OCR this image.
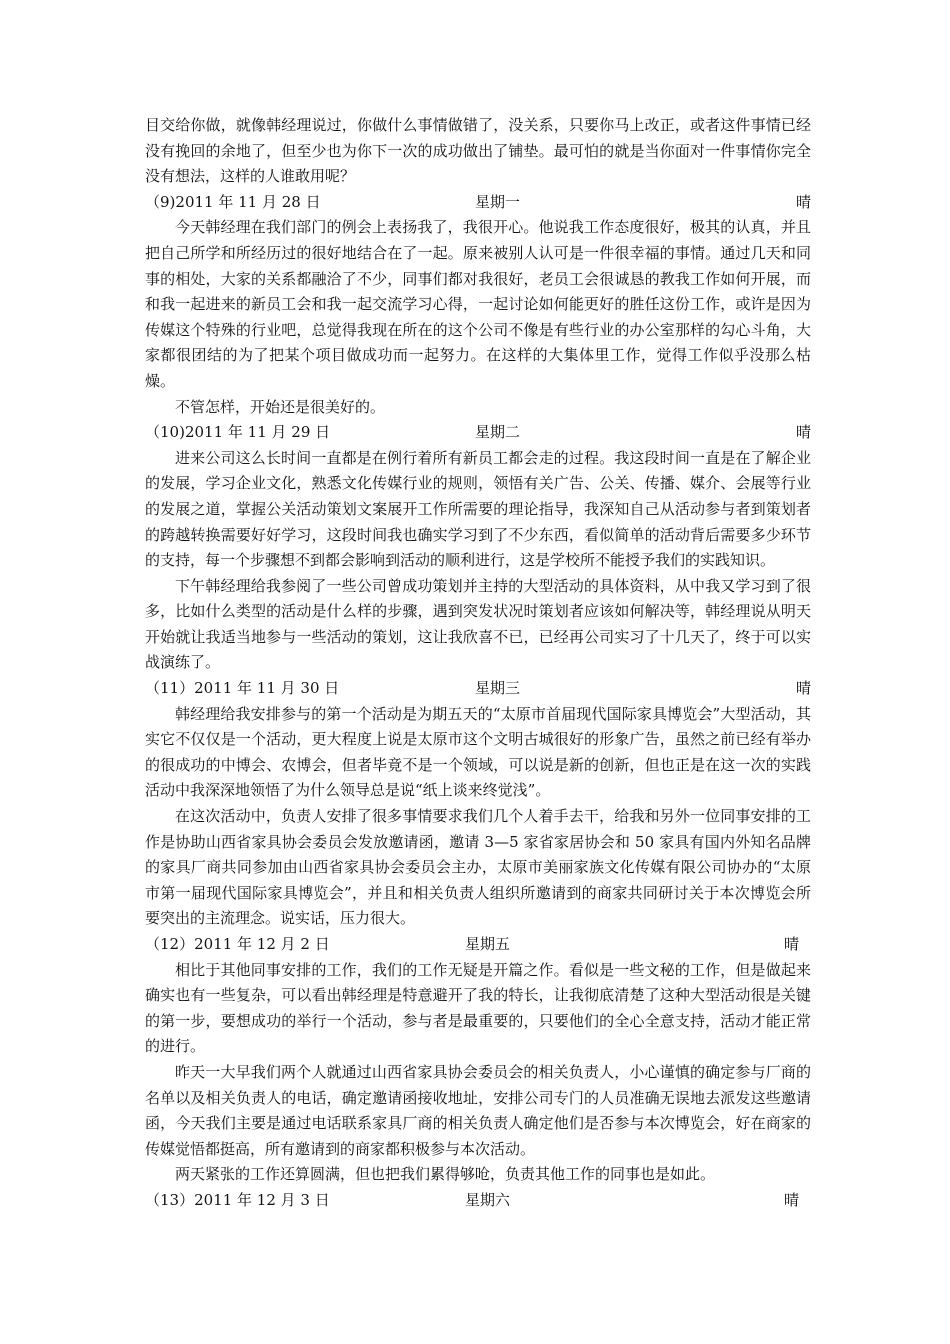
目交给你做，就像韩经理说过，你做什么事情做错了，没关系，只要你马上改正，或者这件事情已经没有挽回的余地了，但至少也为你下一次的成功做出了铺垫。最可怕的就是当你面对一件事情你完全没有想法，这样的人谁敢用呢？

（9)2011 年 11 月 28 日	星期一	晴

今天韩经理在我们部门的例会上表扬我了，我很开心。他说我工作态度很好，极其的认真，并且把自己所学和所经历过的很好地结合在了一起。原来被别人认可是一件很幸福的事情。通过几天和同事的相处，大家的关系都融洽了不少，同事们都对我很好，老员工会很诚恳的教我工作如何开展，而和我一起进来的新员工会和我一起交流学习心得，一起讨论如何能更好的胜任这份工作，或许是因为传媒这个特殊的行业吧，总觉得我现在所在的这个公司不像是有些行业的办公室那样的勾心斗角，大家都很团结的为了把某个项目做成功而一起努力。在这样的大集体里工作，觉得工作似乎没那么枯燥。

不管怎样，开始还是很美好的。

（10)2011 年 11 月 29 日	星期二	晴

进来公司这么长时间一直都是在例行着所有新员工都会走的过程。我这段时间一直是在了解企业的发展，学习企业文化，熟悉文化传媒行业的规则，领悟有关广告、公关、传播、媒介、会展等行业的发展之道，掌握公关活动策划文案展开工作所需要的理论指导，我深知自己从活动参与者到策划者的跨越转换需要好好学习，这段时间我也确实学习到了不少东西，看似简单的活动背后需要多少环节的支持，每一个步骤想不到都会影响到活动的顺利进行，这是学校所不能授予我们的实践知识。

下午韩经理给我参阅了一些公司曾成功策划并主持的大型活动的具体资料，从中我又学习到了很多，比如什么类型的活动是什么样的步骤，遇到突发状况时策划者应该如何解决等，韩经理说从明天开始就让我适当地参与一些活动的策划，这让我欣喜不已，已经再公司实习了十几天了，终于可以实战演练了。

（11）2011 年 11 月 30 日	星期三	晴

韩经理给我安排参与的第一个活动是为期五天的“太原市首届现代国际家具博览会”大型活动，其实它不仅仅是一个活动，更大程度上说是太原市这个文明古城很好的形象广告，虽然之前已经有举办的很成功的中博会、农博会，但者毕竟不是一个领域，可以说是新的创新，但也正是在这一次的实践活动中我深深地领悟了为什么领导总是说“纸上谈来终觉浅”。

在这次活动中，负责人安排了很多事情要求我们几个人着手去干，给我和另外一位同事安排的工作是协助山西省家具协会委员会发放邀请函，邀请 3—5 家省家居协会和 50 家具有国内外知名品牌的家具厂商共同参加由山西省家具协会委员会主办，太原市美丽家族文化传媒有限公司协办的“太原市第一届现代国际家具博览会”，并且和相关负责人组织所邀请到的商家共同研讨关于本次博览会所要突出的主流理念。说实话，压力很大。

（12）2011 年 12 月 2 日	星期五	晴

相比于其他同事安排的工作，我们的工作无疑是开篇之作。看似是一些文秘的工作，但是做起来确实也有一些复杂，可以看出韩经理是特意避开了我的特长，让我彻底清楚了这种大型活动很是关键的第一步，要想成功的举行一个活动，参与者是最重要的，只要他们的全心全意支持，活动才能正常的进行。

昨天一大早我们两个人就通过山西省家具协会委员会的相关负责人，小心谨慎的确定参与厂商的名单以及相关负责人的电话，确定邀请函接收地址，安排公司专门的人员准确无误地去派发这些邀请函，今天我们主要是通过电话联系家具厂商的相关负责人确定他们是否参与本次博览会，好在商家的传媒觉悟都挺高，所有邀请到的商家都积极参与本次活动。

两天紧张的工作还算圆满，但也把我们累得够呛，负责其他工作的同事也是如此。

（13）2011 年 12 月 3 日	星期六	晴
